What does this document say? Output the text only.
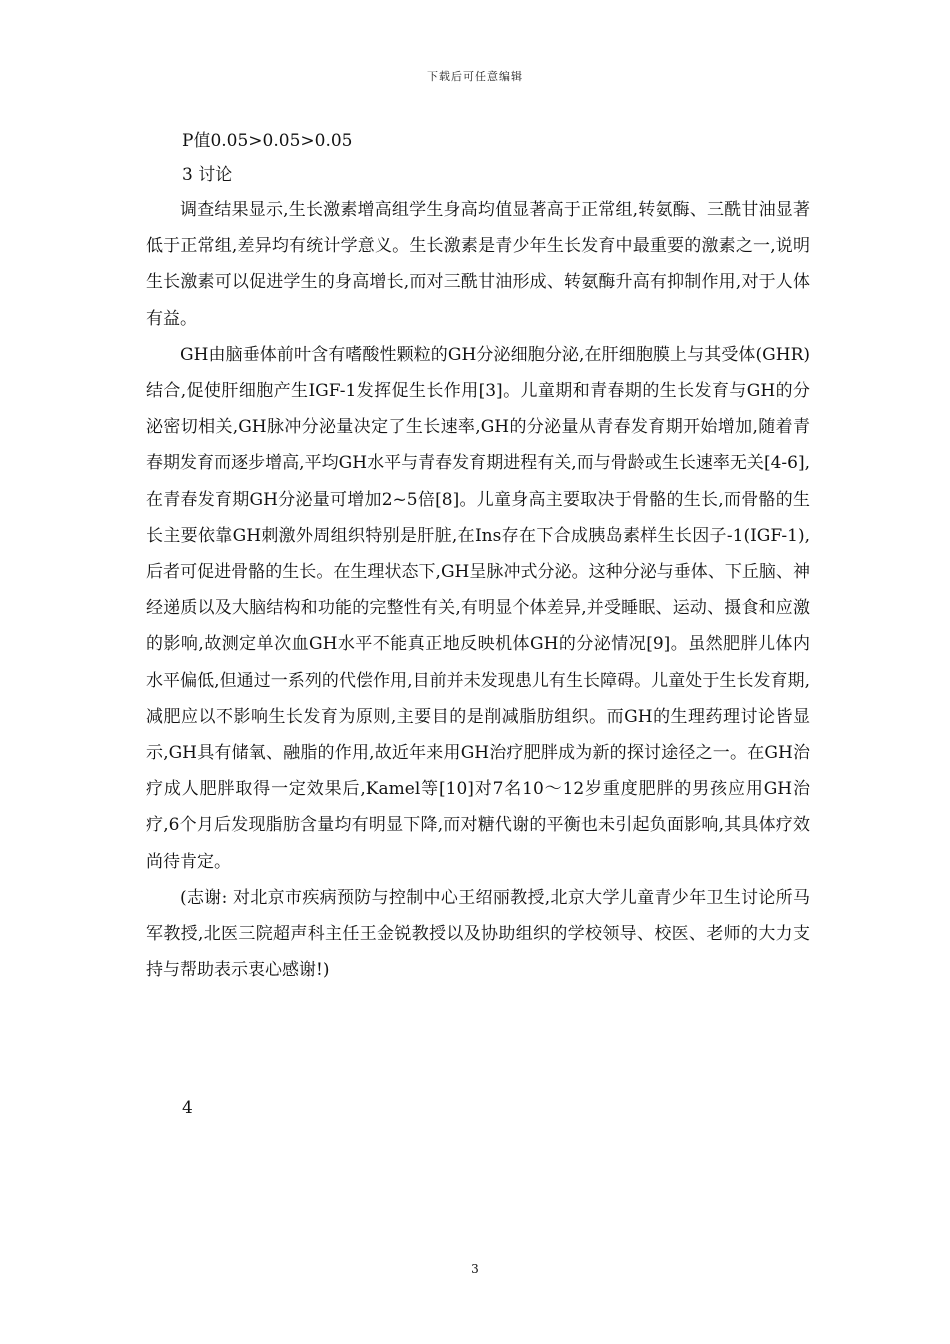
下载后可任意编辑
P值0.05>0.05>0.05
3 讨论

调查结果显示,生长激素增高组学生身高均值显著高于正常组,转氨酶、三酰甘油显著低于正常组,差异均有统计学意义。生长激素是青少年生长发育中最重要的激素之一,说明生长激素可以促进学生的身高增长,而对三酰甘油形成、转氨酶升高有抑制作用,对于人体有益。

GH由脑垂体前叶含有嗜酸性颗粒的GH分泌细胞分泌,在肝细胞膜上与其受体(GHR)结合,促使肝细胞产生IGF-1发挥促生长作用[3]。儿童期和青春期的生长发育与GH的分泌密切相关,GH脉冲分泌量决定了生长速率,GH的分泌量从青春发育期开始增加,随着青春期发育而逐步增高,平均GH水平与青春发育期进程有关,而与骨龄或生长速率无关[4-6],在青春发育期GH分泌量可增加2~5倍[8]。儿童身高主要取决于骨骼的生长,而骨骼的生长主要依靠GH刺激外周组织特别是肝脏,在Ins存在下合成胰岛素样生长因子-1(IGF-1),后者可促进骨骼的生长。在生理状态下,GH呈脉冲式分泌。这种分泌与垂体、下丘脑、神经递质以及大脑结构和功能的完整性有关,有明显个体差异,并受睡眠、运动、摄食和应激的影响,故测定单次血GH水平不能真正地反映机体GH的分泌情况[9]。虽然肥胖儿体内水平偏低,但通过一系列的代偿作用,目前并未发现患儿有生长障碍。儿童处于生长发育期,减肥应以不影响生长发育为原则,主要目的是削减脂肪组织。而GH的生理药理讨论皆显示,GH具有储氧、融脂的作用,故近年来用GH治疗肥胖成为新的探讨途径之一。在GH治疗成人肥胖取得一定效果后,Kamel等[10]对7名10～12岁重度肥胖的男孩应用GH治疗,6个月后发现脂肪含量均有明显下降,而对糖代谢的平衡也未引起负面影响,其具体疗效尚待肯定。

(志谢: 对北京市疾病预防与控制中心王绍丽教授,北京大学儿童青少年卫生讨论所马军教授,北医三院超声科主任王金锐教授以及协助组织的学校领导、校医、老师的大力支持与帮助表示衷心感谢!)

4
3
